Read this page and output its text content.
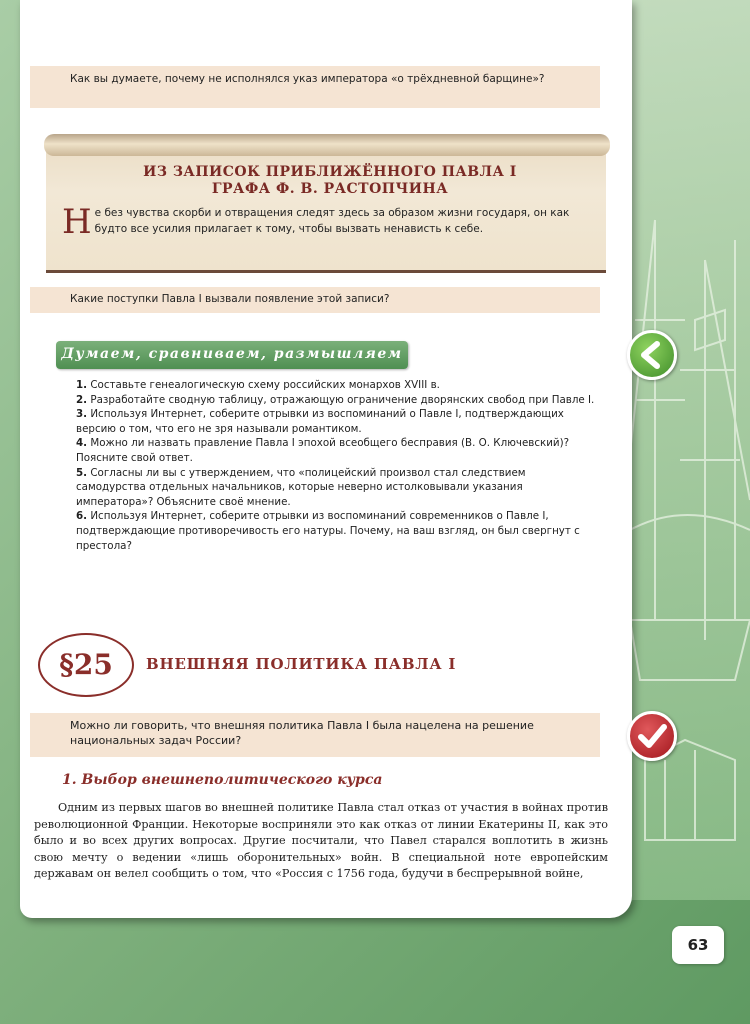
Как вы думаете, почему не исполнялся указ императора «о трёхдневной барщине»?
ИЗ ЗАПИСОК ПРИБЛИЖЁННОГО ПАВЛА I
ГРАФА Ф. В. РАСТОПЧИНА
Не без чувства скорби и отвращения следят здесь за образом жизни государя, он как будто все усилия прилагает к тому, чтобы вызвать ненависть к себе.
Какие поступки Павла I вызвали появление этой записи?
Думаем, сравниваем, размышляем

1. Составьте генеалогическую схему российских монархов XVIII в.

2. Разработайте сводную таблицу, отражающую ограничение дворянских свобод при Павле I.

3. Используя Интернет, соберите отрывки из воспоминаний о Павле I, подтверждающих версию о том, что его не зря называли романтиком.

4. Можно ли назвать правление Павла I эпохой всеобщего бесправия (В. О. Ключевский)? Поясните свой ответ.

5. Согласны ли вы с утверждением, что «полицейский произвол стал следствием самодурства отдельных начальников, которые неверно истолковывали указания императора»? Объясните своё мнение.

6. Используя Интернет, соберите отрывки из воспоминаний современников о Павле I, подтверждающие противоречивость его натуры. Почему, на ваш взгляд, он был свергнут с престола?

§25	ВНЕШНЯЯ ПОЛИТИКА ПАВЛА I
Можно ли говорить, что внешняя политика Павла I была нацелена на решение национальных задач России?
1. Выбор внешнеполитического курса
Одним из первых шагов во внешней политике Павла стал отказ от участия в войнах против революционной Франции. Некоторые восприняли это как отказ от линии Екатерины II, как это было и во всех других вопросах. Другие посчитали, что Павел старался воплотить в жизнь свою мечту о ведении «лишь оборонительных» войн. В специальной ноте европейским державам он велел сообщить о том, что «Россия с 1756 года, будучи в беспрерывной войне,
63
